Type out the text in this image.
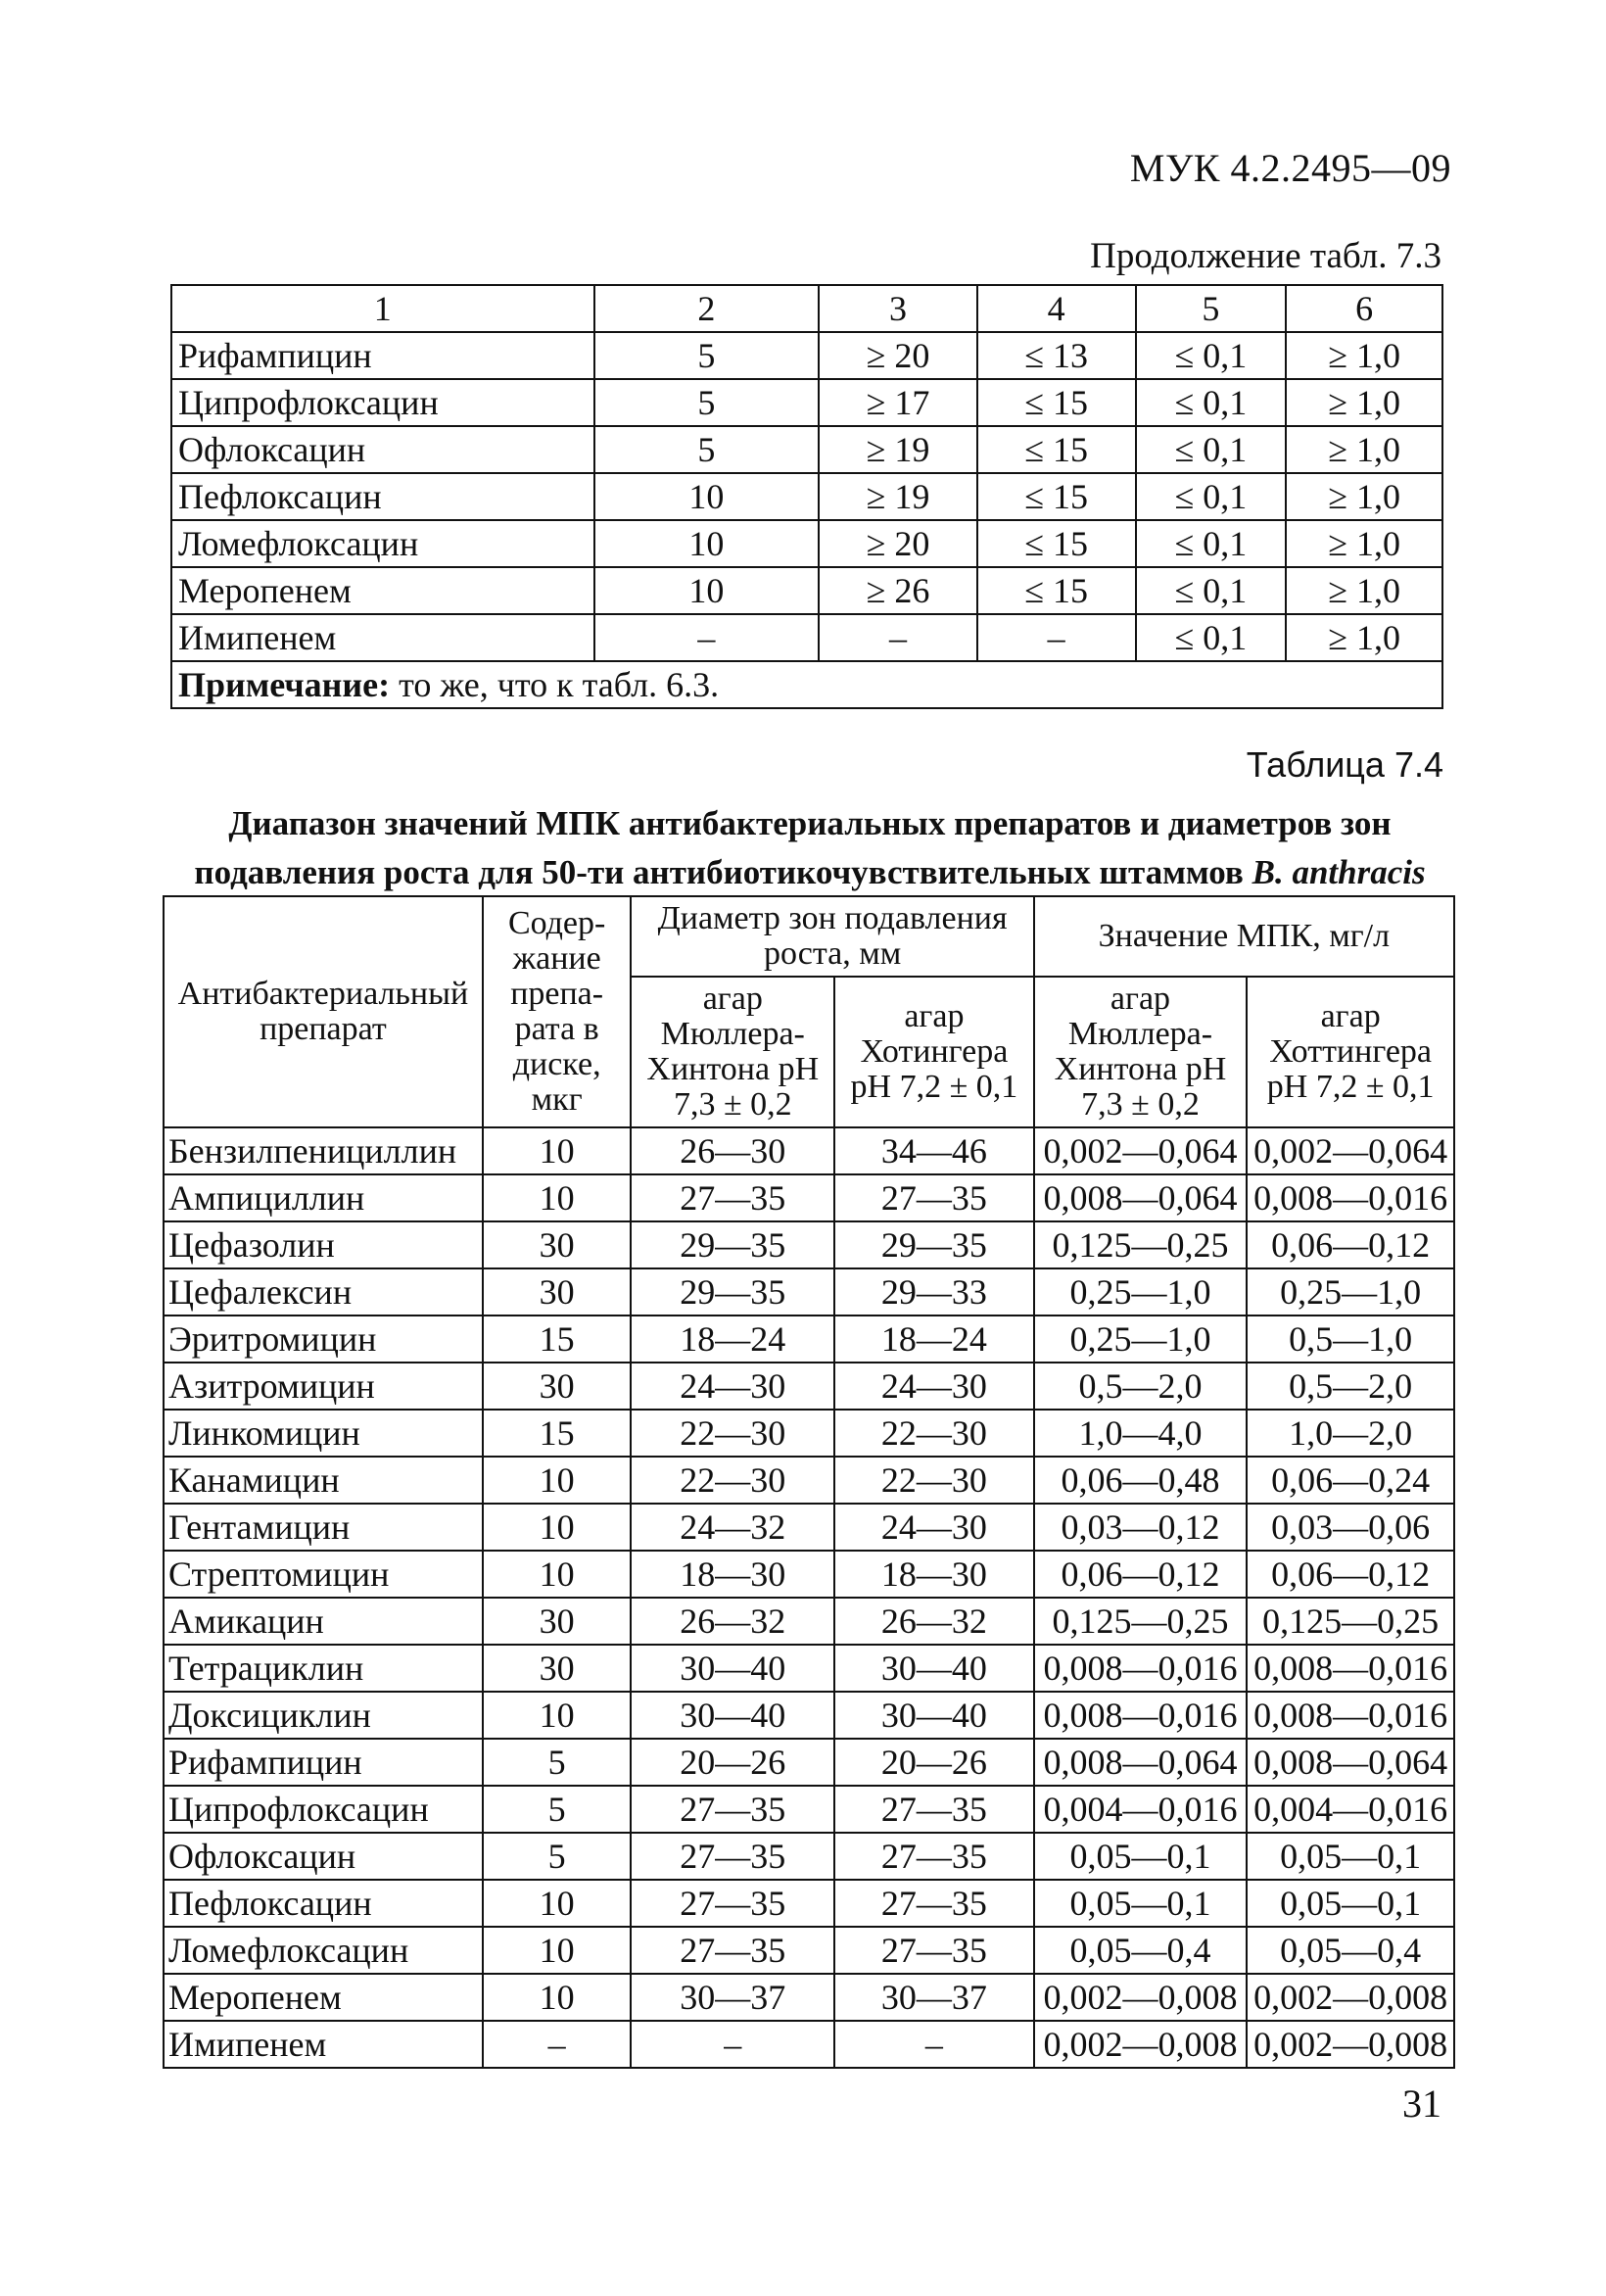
МУК 4.2.2495—09
Продолжение табл. 7.3
1	2	3	4	5	6
Рифампицин	5	≥ 20	≤ 13	≤ 0,1	≥ 1,0
Ципрофлоксацин	5	≥ 17	≤ 15	≤ 0,1	≥ 1,0
Офлоксацин	5	≥ 19	≤ 15	≤ 0,1	≥ 1,0
Пефлоксацин	10	≥ 19	≤ 15	≤ 0,1	≥ 1,0
Ломефлоксацин	10	≥ 20	≤ 15	≤ 0,1	≥ 1,0
Меропенем	10	≥ 26	≤ 15	≤ 0,1	≥ 1,0
Имипенем	–	–	–	≤ 0,1	≥ 1,0
Примечание: то же, что к табл. 6.3.					
Таблица 7.4
Диапазон значений МПК антибактериальных препаратов и диаметров зон
подавления роста для 50-ти антибиотикочувствительных штаммов B. anthracis
Антибактериальный препарат	Содер-жание препа-рата в диске, мкг	Диаметр зон подавления роста, мм		Значение МПК, мг/л	
		агар Мюллера-Хинтона pH 7,3 ± 0,2	агар Хотингера pH 7,2 ± 0,1	агар Мюллера-Хинтона pH 7,3 ± 0,2	агар Хоттингера pH 7,2 ± 0,1
Бензилпенициллин	10	26—30	34—46	0,002—0,064	0,002—0,064
Ампициллин	10	27—35	27—35	0,008—0,064	0,008—0,016
Цефазолин	30	29—35	29—35	0,125—0,25	0,06—0,12
Цефалексин	30	29—35	29—33	0,25—1,0	0,25—1,0
Эритромицин	15	18—24	18—24	0,25—1,0	0,5—1,0
Азитромицин	30	24—30	24—30	0,5—2,0	0,5—2,0
Линкомицин	15	22—30	22—30	1,0—4,0	1,0—2,0
Канамицин	10	22—30	22—30	0,06—0,48	0,06—0,24
Гентамицин	10	24—32	24—30	0,03—0,12	0,03—0,06
Стрептомицин	10	18—30	18—30	0,06—0,12	0,06—0,12
Амикацин	30	26—32	26—32	0,125—0,25	0,125—0,25
Тетрациклин	30	30—40	30—40	0,008—0,016	0,008—0,016
Доксициклин	10	30—40	30—40	0,008—0,016	0,008—0,016
Рифампицин	5	20—26	20—26	0,008—0,064	0,008—0,064
Ципрофлоксацин	5	27—35	27—35	0,004—0,016	0,004—0,016
Офлоксацин	5	27—35	27—35	0,05—0,1	0,05—0,1
Пефлоксацин	10	27—35	27—35	0,05—0,1	0,05—0,1
Ломефлоксацин	10	27—35	27—35	0,05—0,4	0,05—0,4
Меропенем	10	30—37	30—37	0,002—0,008	0,002—0,008
Имипенем	–	–	–	0,002—0,008	0,002—0,008
31
